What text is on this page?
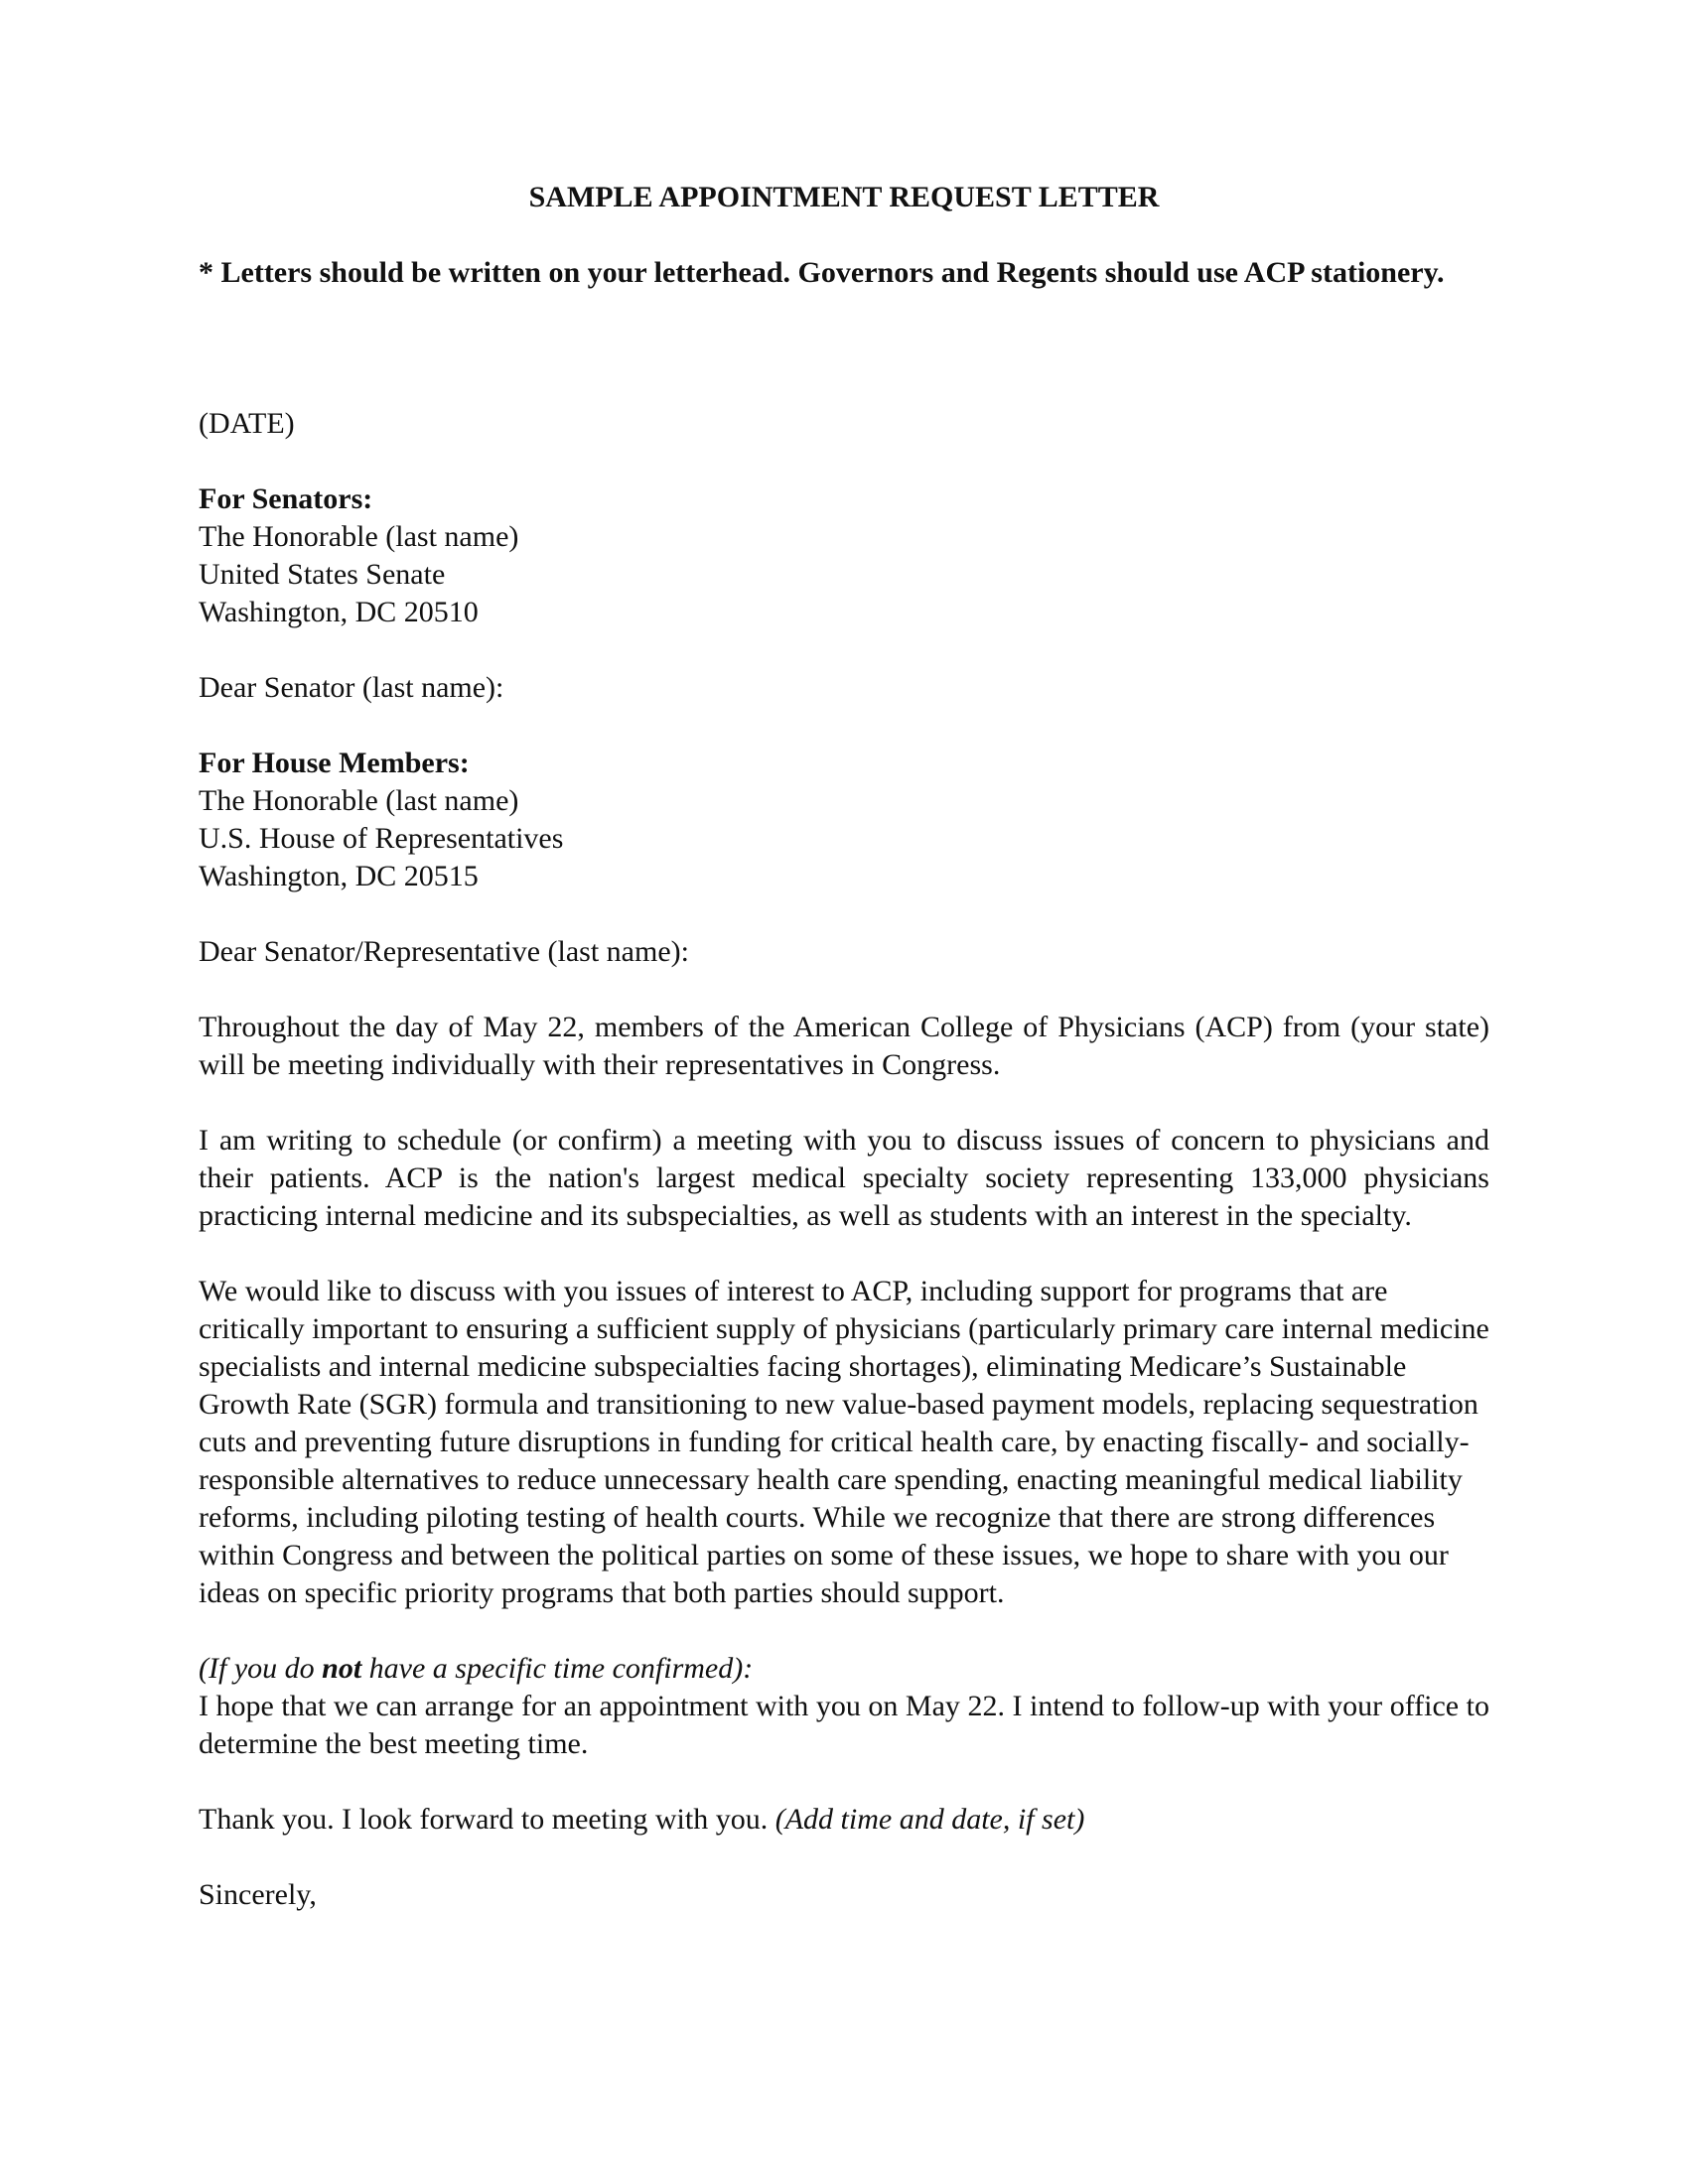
SAMPLE APPOINTMENT REQUEST LETTER
* Letters should be written on your letterhead. Governors and Regents should use ACP stationery.
(DATE)
For Senators:
The Honorable (last name)
United States Senate
Washington, DC 20510
Dear Senator (last name):
For House Members:
The Honorable (last name)
U.S. House of Representatives
Washington, DC 20515
Dear Senator/Representative (last name):
Throughout the day of May 22, members of the American College of Physicians (ACP) from (your state) will be meeting individually with their representatives in Congress.
I am writing to schedule (or confirm) a meeting with you to discuss issues of concern to physicians and their patients. ACP is the nation's largest medical specialty society representing 133,000 physicians practicing internal medicine and its subspecialties, as well as students with an interest in the specialty.
We would like to discuss with you issues of interest to ACP, including support for programs that are critically important to ensuring a sufficient supply of physicians (particularly primary care internal medicine specialists and internal medicine subspecialties facing shortages), eliminating Medicare’s Sustainable Growth Rate (SGR) formula and transitioning to new value-based payment models, replacing sequestration cuts and preventing future disruptions in funding for critical health care, by enacting fiscally- and socially- responsible alternatives to reduce unnecessary health care spending, enacting meaningful medical liability reforms, including piloting testing of health courts. While we recognize that there are strong differences within Congress and between the political parties on some of these issues, we hope to share with you our ideas on specific priority programs that both parties should support.
(If you do not have a specific time confirmed):
I hope that we can arrange for an appointment with you on May 22. I intend to follow-up with your office to determine the best meeting time.
Thank you. I look forward to meeting with you. (Add time and date, if set)
Sincerely,
